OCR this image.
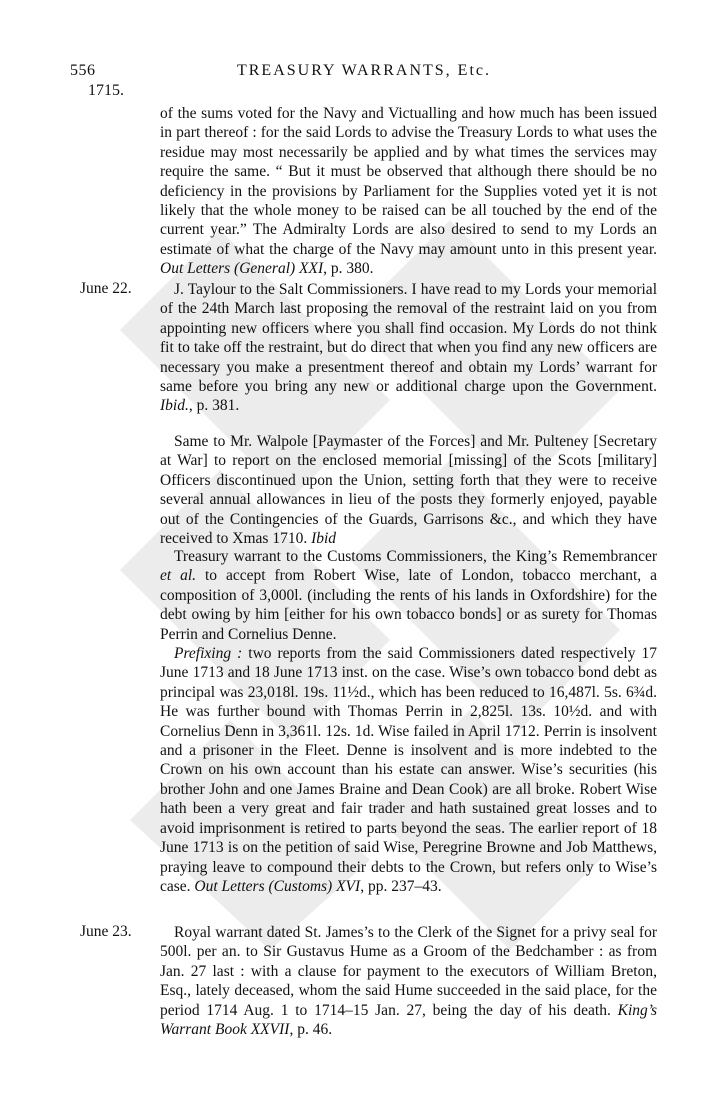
556	TREASURY WARRANTS, Etc.
1715.

of the sums voted for the Navy and Victualling and how much has been issued in part thereof : for the said Lords to advise the Treasury Lords to what uses the residue may most necessarily be applied and by what times the services may require the same. “ But it must be observed that although there should be no deficiency in the provisions by Parliament for the Supplies voted yet it is not likely that the whole money to be raised can be all touched by the end of the current year.” The Admiralty Lords are also desired to send to my Lords an estimate of what the charge of the Navy may amount unto in this present year. Out Letters (General) XXI, p. 380.

June 22.	J. Taylour to the Salt Commissioners. I have read to my Lords your memorial of the 24th March last proposing the removal of the restraint laid on you from appointing new officers where you shall find occasion. My Lords do not think fit to take off the restraint, but do direct that when you find any new officers are necessary you make a presentment thereof and obtain my Lords’ warrant for same before you bring any new or additional charge upon the Government. Ibid., p. 381.

Same to Mr. Walpole [Paymaster of the Forces] and Mr. Pulteney [Secretary at War] to report on the enclosed memorial [missing] of the Scots [military] Officers discontinued upon the Union, setting forth that they were to receive several annual allowances in lieu of the posts they formerly enjoyed, payable out of the Contingencies of the Guards, Garrisons &c., and which they have received to Xmas 1710. Ibid

Treasury warrant to the Customs Commissioners, the King’s Remembrancer et al. to accept from Robert Wise, late of London, tobacco merchant, a composition of 3,000l. (including the rents of his lands in Oxfordshire) for the debt owing by him [either for his own tobacco bonds] or as surety for Thomas Perrin and Cornelius Denne.

Prefixing : two reports from the said Commissioners dated respectively 17 June 1713 and 18 June 1713 inst. on the case. Wise’s own tobacco bond debt as principal was 23,018l. 19s. 11½d., which has been reduced to 16,487l. 5s. 6¾d. He was further bound with Thomas Perrin in 2,825l. 13s. 10½d. and with Cornelius Denn in 3,361l. 12s. 1d. Wise failed in April 1712. Perrin is insolvent and a prisoner in the Fleet. Denne is insolvent and is more indebted to the Crown on his own account than his estate can answer. Wise’s securities (his brother John and one James Braine and Dean Cook) are all broke. Robert Wise hath been a very great and fair trader and hath sustained great losses and to avoid imprisonment is retired to parts beyond the seas. The earlier report of 18 June 1713 is on the petition of said Wise, Peregrine Browne and Job Matthews, praying leave to compound their debts to the Crown, but refers only to Wise’s case. Out Letters (Customs) XVI, pp. 237–43.

June 23.	Royal warrant dated St. James’s to the Clerk of the Signet for a privy seal for 500l. per an. to Sir Gustavus Hume as a Groom of the Bedchamber : as from Jan. 27 last : with a clause for payment to the executors of William Breton, Esq., lately deceased, whom the said Hume succeeded in the said place, for the period 1714 Aug. 1 to 1714–15 Jan. 27, being the day of his death. King’s Warrant Book XXVII, p. 46.
